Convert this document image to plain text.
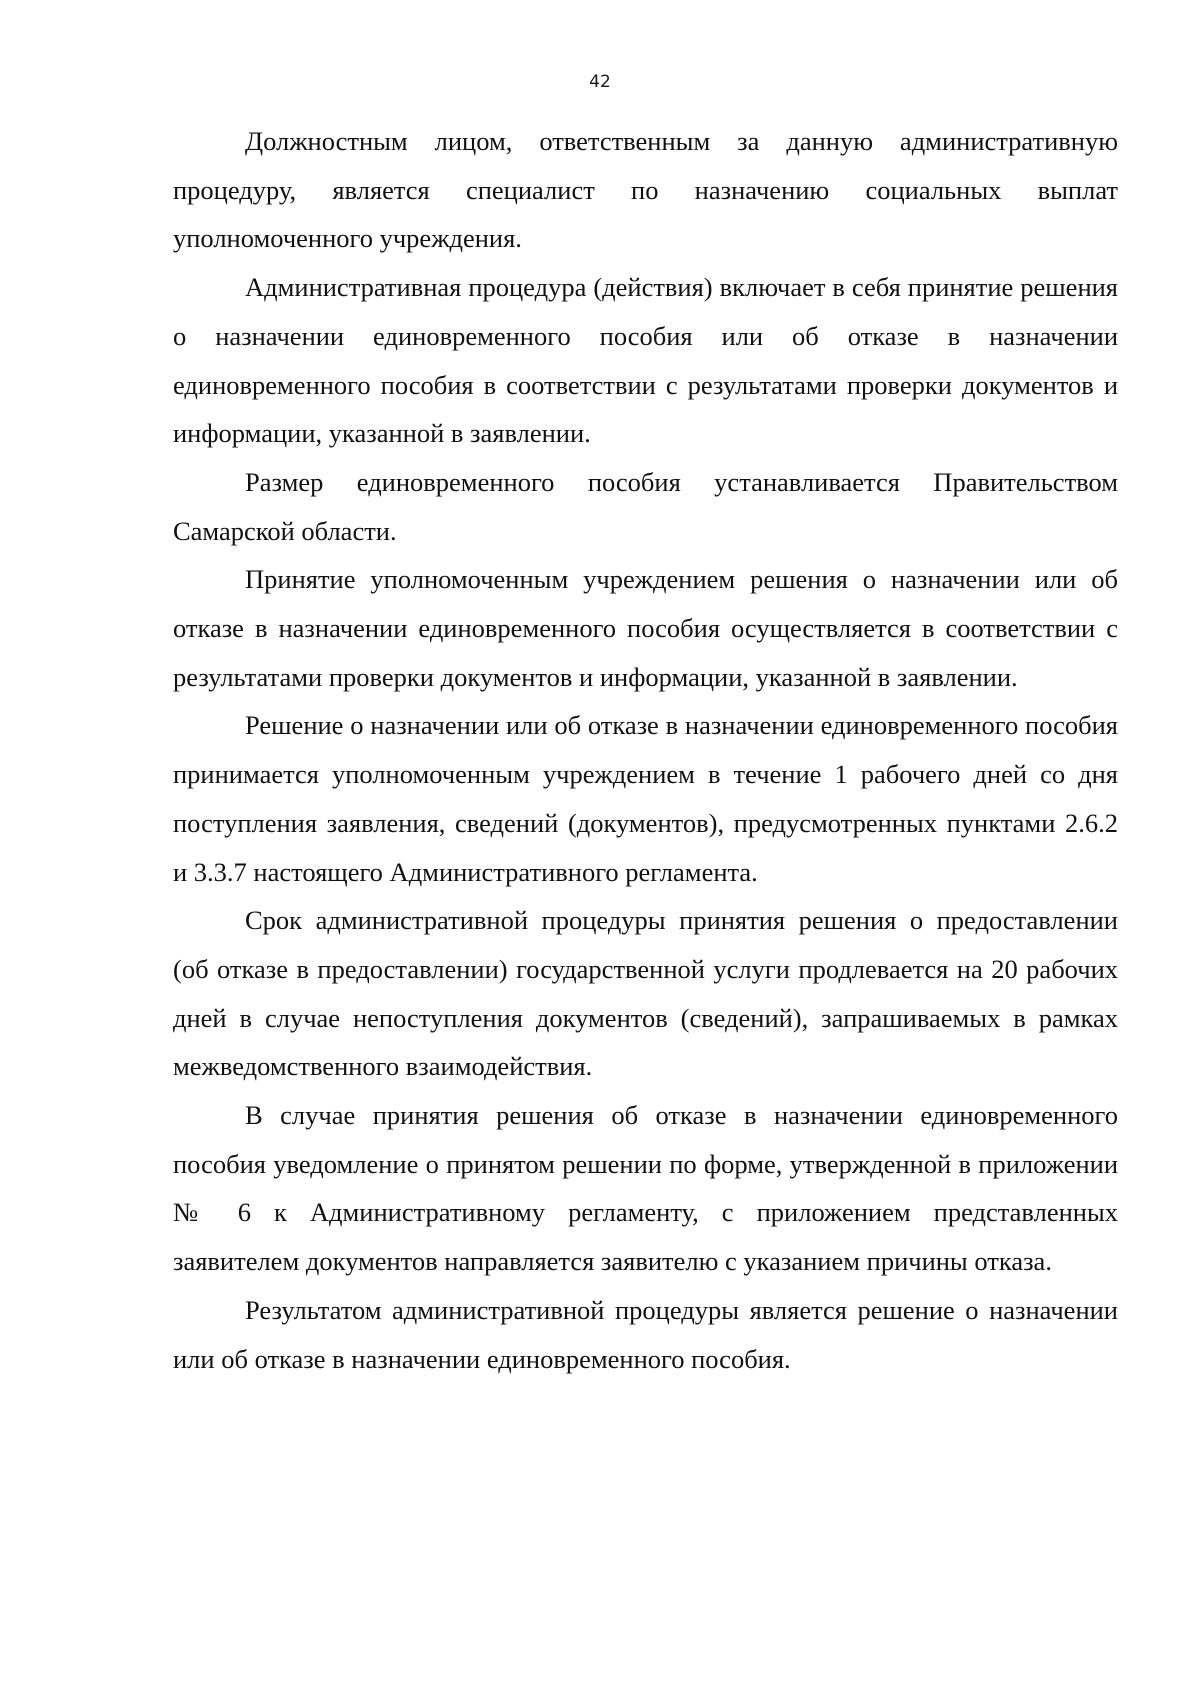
42

Должностным лицом, ответственным за данную административную процедуру, является специалист по назначению социальных выплат уполномоченного учреждения.

Административная процедура (действия) включает в себя принятие решения о назначении единовременного пособия или об отказе в назначении единовременного пособия в соответствии с результатами проверки документов и информации, указанной в заявлении.

Размер единовременного пособия устанавливается Правительством Самарской области.

Принятие уполномоченным учреждением решения о назначении или об отказе в назначении единовременного пособия осуществляется в соответствии с результатами проверки документов и информации, указанной в заявлении.

Решение о назначении или об отказе в назначении единовременного пособия принимается уполномоченным учреждением в течение 1 рабочего дней со дня поступления заявления, сведений (документов), предусмотренных пунктами 2.6.2 и 3.3.7 настоящего Административного регламента.

Срок административной процедуры принятия решения о предоставлении (об отказе в предоставлении) государственной услуги продлевается на 20 рабочих дней в случае непоступления документов (сведений), запрашиваемых в рамках межведомственного взаимодействия.

В случае принятия решения об отказе в назначении единовременного пособия уведомление о принятом решении по форме, утвержденной в приложении № 6 к Административному регламенту, с приложением представленных заявителем документов направляется заявителю с указанием причины отказа.

Результатом административной процедуры является решение о назначении или об отказе в назначении единовременного пособия.
